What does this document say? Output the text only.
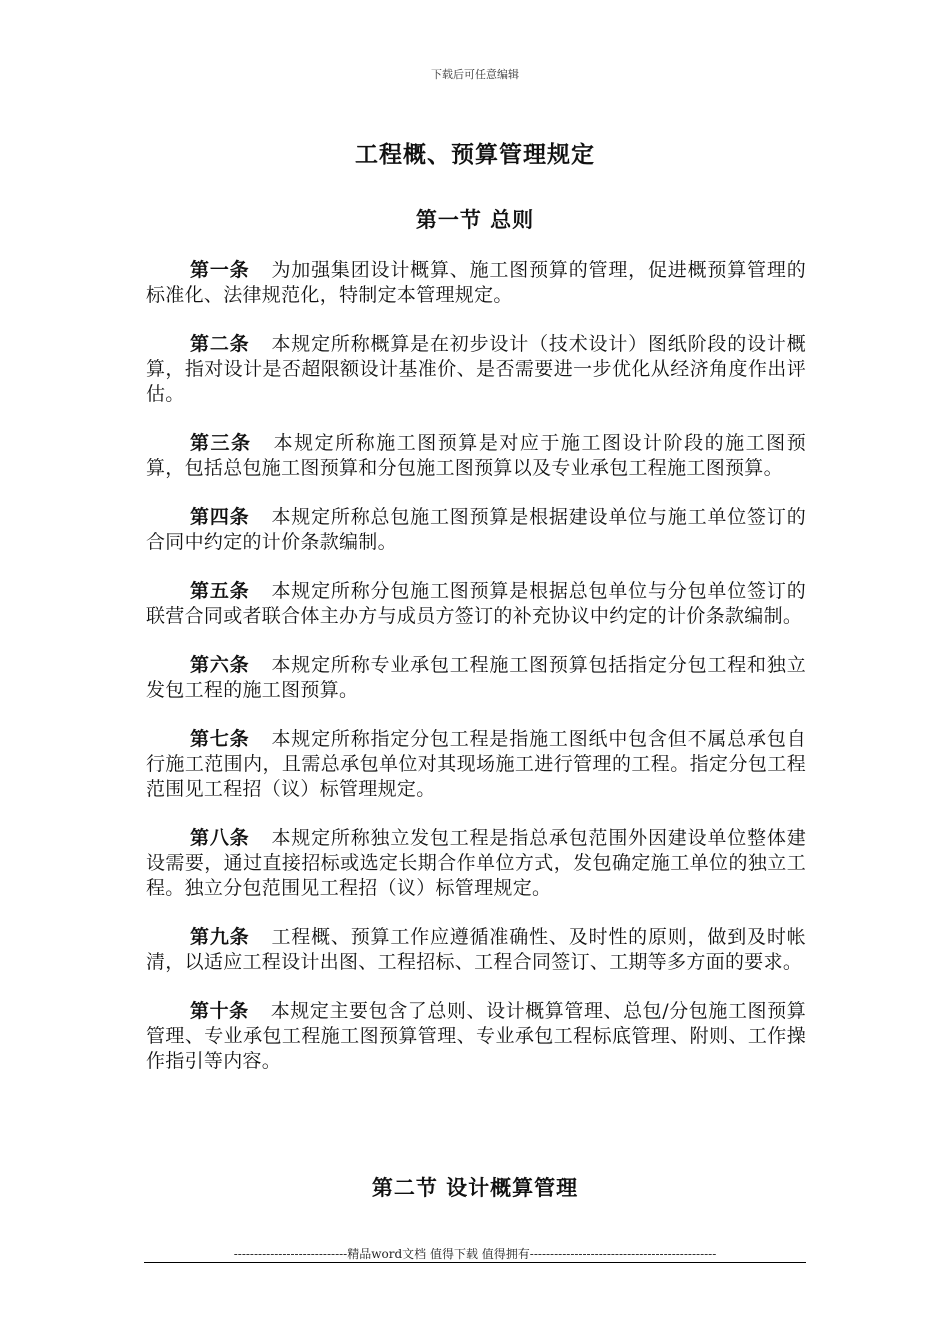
下载后可任意编辑
工程概、预算管理规定
第一节 总则

第一条 为加强集团设计概算、施工图预算的管理，促进概预算管理的标准化、法律规范化，特制定本管理规定。

第二条 本规定所称概算是在初步设计（技术设计）图纸阶段的设计概算，指对设计是否超限额设计基准价、是否需要进一步优化从经济角度作出评估。

第三条 本规定所称施工图预算是对应于施工图设计阶段的施工图预算，包括总包施工图预算和分包施工图预算以及专业承包工程施工图预算。

第四条 本规定所称总包施工图预算是根据建设单位与施工单位签订的合同中约定的计价条款编制。

第五条 本规定所称分包施工图预算是根据总包单位与分包单位签订的联营合同或者联合体主办方与成员方签订的补充协议中约定的计价条款编制。

第六条 本规定所称专业承包工程施工图预算包括指定分包工程和独立发包工程的施工图预算。

第七条 本规定所称指定分包工程是指施工图纸中包含但不属总承包自行施工范围内，且需总承包单位对其现场施工进行管理的工程。指定分包工程范围见工程招（议）标管理规定。

第八条 本规定所称独立发包工程是指总承包范围外因建设单位整体建设需要，通过直接招标或选定长期合作单位方式，发包确定施工单位的独立工程。独立分包范围见工程招（议）标管理规定。

第九条 工程概、预算工作应遵循准确性、及时性的原则，做到及时帐清，以适应工程设计出图、工程招标、工程合同签订、工期等多方面的要求。

第十条 本规定主要包含了总则、设计概算管理、总包/分包施工图预算管理、专业承包工程施工图预算管理、专业承包工程标底管理、附则、工作操作指引等内容。

第二节 设计概算管理
----------------------------精品word文档 值得下载 值得拥有----------------------------------------------
